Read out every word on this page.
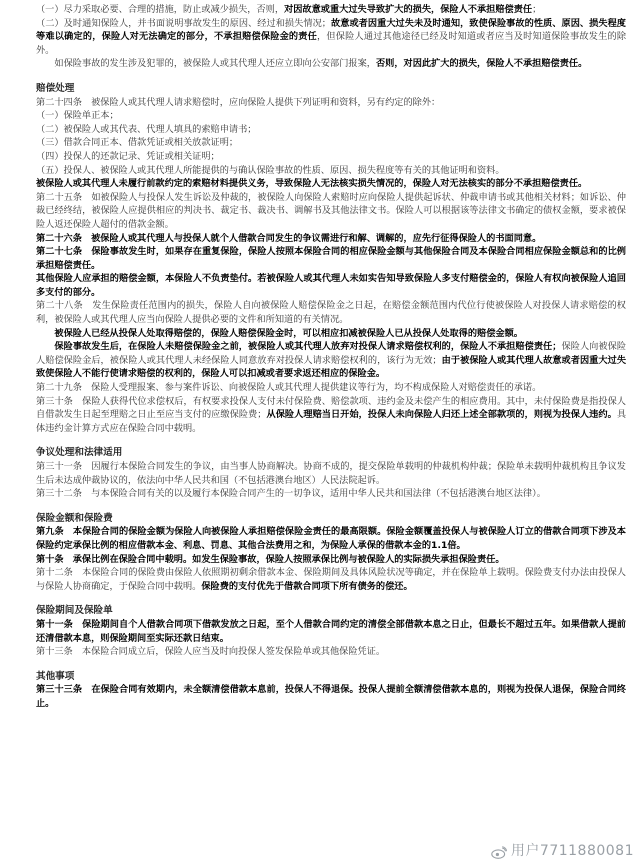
（一）尽力采取必要、合理的措施，防止或减少损失，否则，对因故意或重大过失导致扩大的损失，保险人不承担赔偿责任；

（二）及时通知保险人，并书面说明事故发生的原因、经过和损失情况；故意或者因重大过失未及时通知，致使保险事故的性质、原因、损失程度等难以确定的，保险人对无法确定的部分，不承担赔偿保险金的责任，但保险人通过其他途径已经及时知道或者应当及时知道保险事故发生的除外。

如保险事故的发生涉及犯罪的，被保险人或其代理人还应立即向公安部门报案，否则，对因此扩大的损失，保险人不承担赔偿责任。

赔偿处理

第二十四条　被保险人或其代理人请求赔偿时，应向保险人提供下列证明和资料，另有约定的除外：

（一）保险单正本；

（二）被保险人或其代表、代理人填具的索赔申请书；

（三）借款合同正本、借款凭证或相关放款证明；

（四）投保人的还款记录、凭证或相关证明；

（五）投保人、被保险人或其代理人所能提供的与确认保险事故的性质、原因、损失程度等有关的其他证明和资料。

被保险人或其代理人未履行前款约定的索赔材料提供义务，导致保险人无法核实损失情况的，保险人对无法核实的部分不承担赔偿责任。

第二十五条　如被保险人与投保人发生诉讼及仲裁的，被保险人向保险人索赔时应向保险人提供起诉状、仲裁申请书或其他相关材料；如诉讼、仲裁已经终结，被保险人应提供相应的判决书、裁定书、裁决书、调解书及其他法律文书。保险人可以根据该等法律文书确定的债权金额，要求被保险人返还保险人超付的借款金额。

第二十六条　被保险人或其代理人与投保人就个人借款合同发生的争议需进行和解、调解的，应先行征得保险人的书面同意。

第二十七条　保险事故发生时，如果存在重复保险，保险人按照本保险合同的相应保险金额与其他保险合同及本保险合同相应保险金额总和的比例承担赔偿责任。

其他保险人应承担的赔偿金额，本保险人不负责垫付。若被保险人或其代理人未如实告知导致保险人多支付赔偿金的，保险人有权向被保险人追回多支付的部分。

第二十八条　发生保险责任范围内的损失，保险人自向被保险人赔偿保险金之日起，在赔偿金额范围内代位行使被保险人对投保人请求赔偿的权利，被保险人或其代理人应当向保险人提供必要的文件和所知道的有关情况。

被保险人已经从投保人处取得赔偿的，保险人赔偿保险金时，可以相应扣减被保险人已从投保人处取得的赔偿金额。

保险事故发生后，在保险人未赔偿保险金之前，被保险人或其代理人放弃对投保人请求赔偿权利的，保险人不承担赔偿责任；保险人向被保险人赔偿保险金后，被保险人或其代理人未经保险人同意放弃对投保人请求赔偿权利的，该行为无效；由于被保险人或其代理人故意或者因重大过失致使保险人不能行使请求赔偿的权利的，保险人可以扣减或者要求返还相应的保险金。

第二十九条　保险人受理报案、参与案件诉讼、向被保险人或其代理人提供建议等行为，均不构成保险人对赔偿责任的承诺。

第三十条　保险人获得代位求偿权后，有权要求投保人支付未付保险费、赔偿款项、违约金及未偿产生的相应费用。其中，未付保险费是指投保人自借款发生日起至理赔之日止至应当支付的应缴保险费；从保险人理赔当日开始，投保人未向保险人归还上述全部款项的，则视为投保人违约。具体违约金计算方式应在保险合同中载明。

争议处理和法律适用

第三十一条　因履行本保险合同发生的争议，由当事人协商解决。协商不成的，提交保险单载明的仲裁机构仲裁；保险单未载明仲裁机构且争议发生后未达成仲裁协议的，依法向中华人民共和国（不包括港澳台地区）人民法院起诉。

第三十二条　与本保险合同有关的以及履行本保险合同产生的一切争议，适用中华人民共和国法律（不包括港澳台地区法律）。

保险金额和保险费

第九条　本保险合同的保险金额为保险人向被保险人承担赔偿保险金责任的最高限额。保险金额覆盖投保人与被保险人订立的借款合同项下涉及本保险约定承保比例的相应借款本金、利息、罚息、其他合法费用之和，为保险人承保的借款本金的1.1倍。

第十条　承保比例在保险合同中载明。如发生保险事故，保险人按照承保比例与被保险人的实际损失承担保险责任。

第十二条　本保险合同的保险费由保险人依照期初剩余借款本金、保险期间及具体风险状况等确定，并在保险单上载明。保险费支付办法由投保人与保险人协商确定，于保险合同中载明。保险费的支付优先于借款合同项下所有债务的偿还。

保险期间及保险单

第十一条　保险期间自个人借款合同项下借款发放之日起，至个人借款合同约定的清偿全部借款本息之日止，但最长不超过五年。如果借款人提前还清借款本息，则保险期间至实际还款日结束。

第十三条　本保险合同成立后，保险人应当及时向投保人签发保险单或其他保险凭证。

其他事项

第三十三条　在保险合同有效期内，未全额清偿借款本息前，投保人不得退保。投保人提前全额清偿借款本息的，则视为投保人退保，保险合同终止。

用户7711880081
